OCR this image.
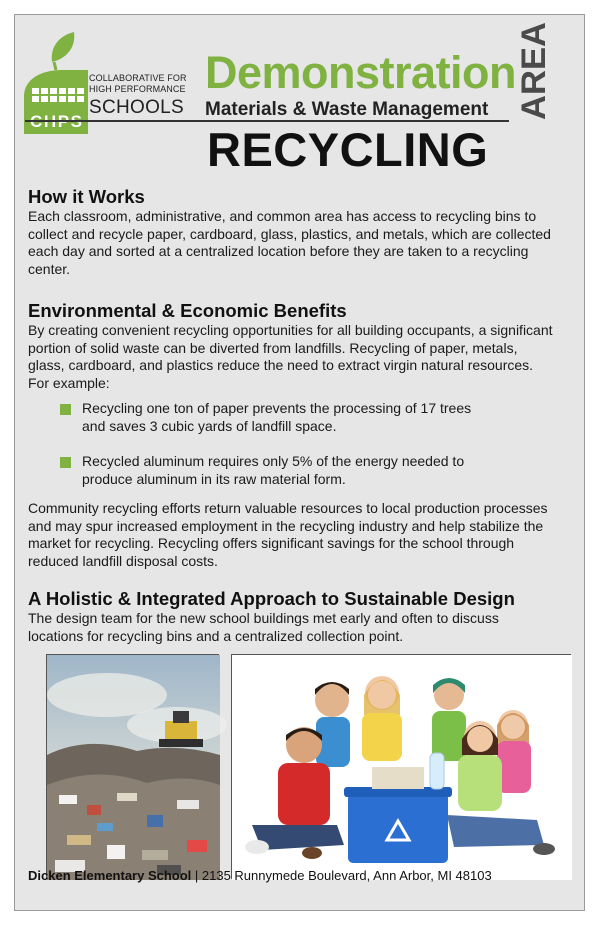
COLLABORATIVE FOR
HIGH PERFORMANCE
SCHOOLS
Demonstration
AREA
Materials & Waste Management
RECYCLING
How it Works

Each classroom, administrative, and common area has access to recycling bins to collect and recycle paper, cardboard, glass, plastics, and metals, which are collected each day and sorted at a centralized location before they are taken to a recycling center.

Environmental & Economic Benefits

By creating convenient recycling opportunities for all building occupants, a significant portion of solid waste can be diverted from landfills. Recycling of paper, metals, glass, cardboard, and plastics reduce the need to extract virgin natural resources. For example:

Recycling one ton of paper prevents the processing of 17 trees and saves 3 cubic yards of landfill space.
Recycled aluminum requires only 5% of the energy needed to produce aluminum in its raw material form.

Community recycling efforts return valuable resources to local production processes and may spur increased employment in the recycling industry and help stabilize the market for recycling. Recycling offers significant savings for the school through reduced landfill disposal costs.

A Holistic & Integrated Approach to Sustainable Design

The design team for the new school buildings met early and often to discuss locations for recycling bins and a centralized collection point.

Dicken Elementary School | 2135 Runnymede Boulevard, Ann Arbor, MI 48103
